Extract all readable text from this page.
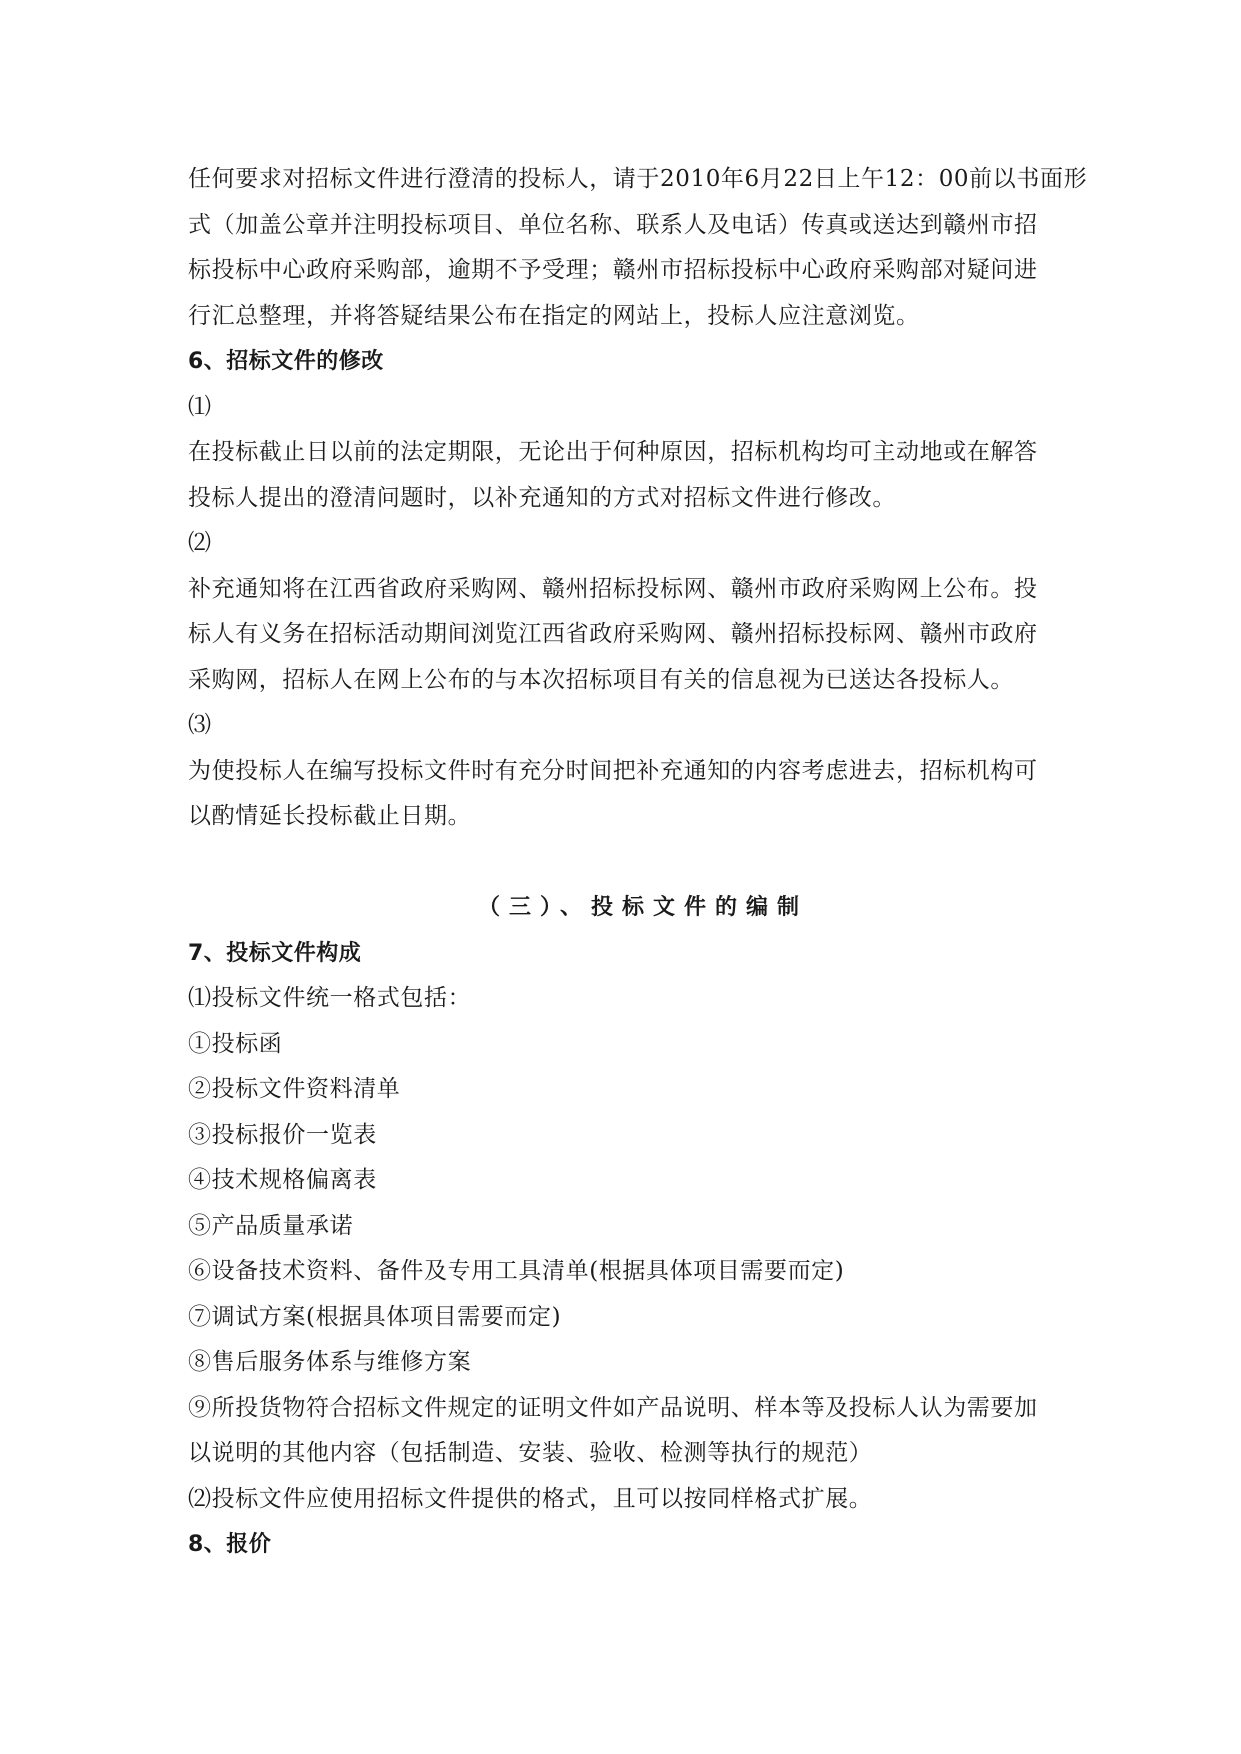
任何要求对招标文件进行澄清的投标人，请于2010年6月22日上午12：00前以书面形
式（加盖公章并注明投标项目、单位名称、联系人及电话）传真或送达到赣州市招
标投标中心政府采购部，逾期不予受理；赣州市招标投标中心政府采购部对疑问进
行汇总整理，并将答疑结果公布在指定的网站上，投标人应注意浏览。
6、招标文件的修改
⑴
在投标截止日以前的法定期限，无论出于何种原因，招标机构均可主动地或在解答
投标人提出的澄清问题时，以补充通知的方式对招标文件进行修改。
⑵
补充通知将在江西省政府采购网、赣州招标投标网、赣州市政府采购网上公布。投
标人有义务在招标活动期间浏览江西省政府采购网、赣州招标投标网、赣州市政府
采购网，招标人在网上公布的与本次招标项目有关的信息视为已送达各投标人。
⑶
为使投标人在编写投标文件时有充分时间把补充通知的内容考虑进去，招标机构可
以酌情延长投标截止日期。
（三）、投标文件的编制
7、投标文件构成
⑴投标文件统一格式包括：
①投标函
②投标文件资料清单
③投标报价一览表
④技术规格偏离表
⑤产品质量承诺
⑥设备技术资料、备件及专用工具清单(根据具体项目需要而定)
⑦调试方案(根据具体项目需要而定)
⑧售后服务体系与维修方案
⑨所投货物符合招标文件规定的证明文件如产品说明、样本等及投标人认为需要加
以说明的其他内容（包括制造、安装、验收、检测等执行的规范）
⑵投标文件应使用招标文件提供的格式，且可以按同样格式扩展。
8、报价
